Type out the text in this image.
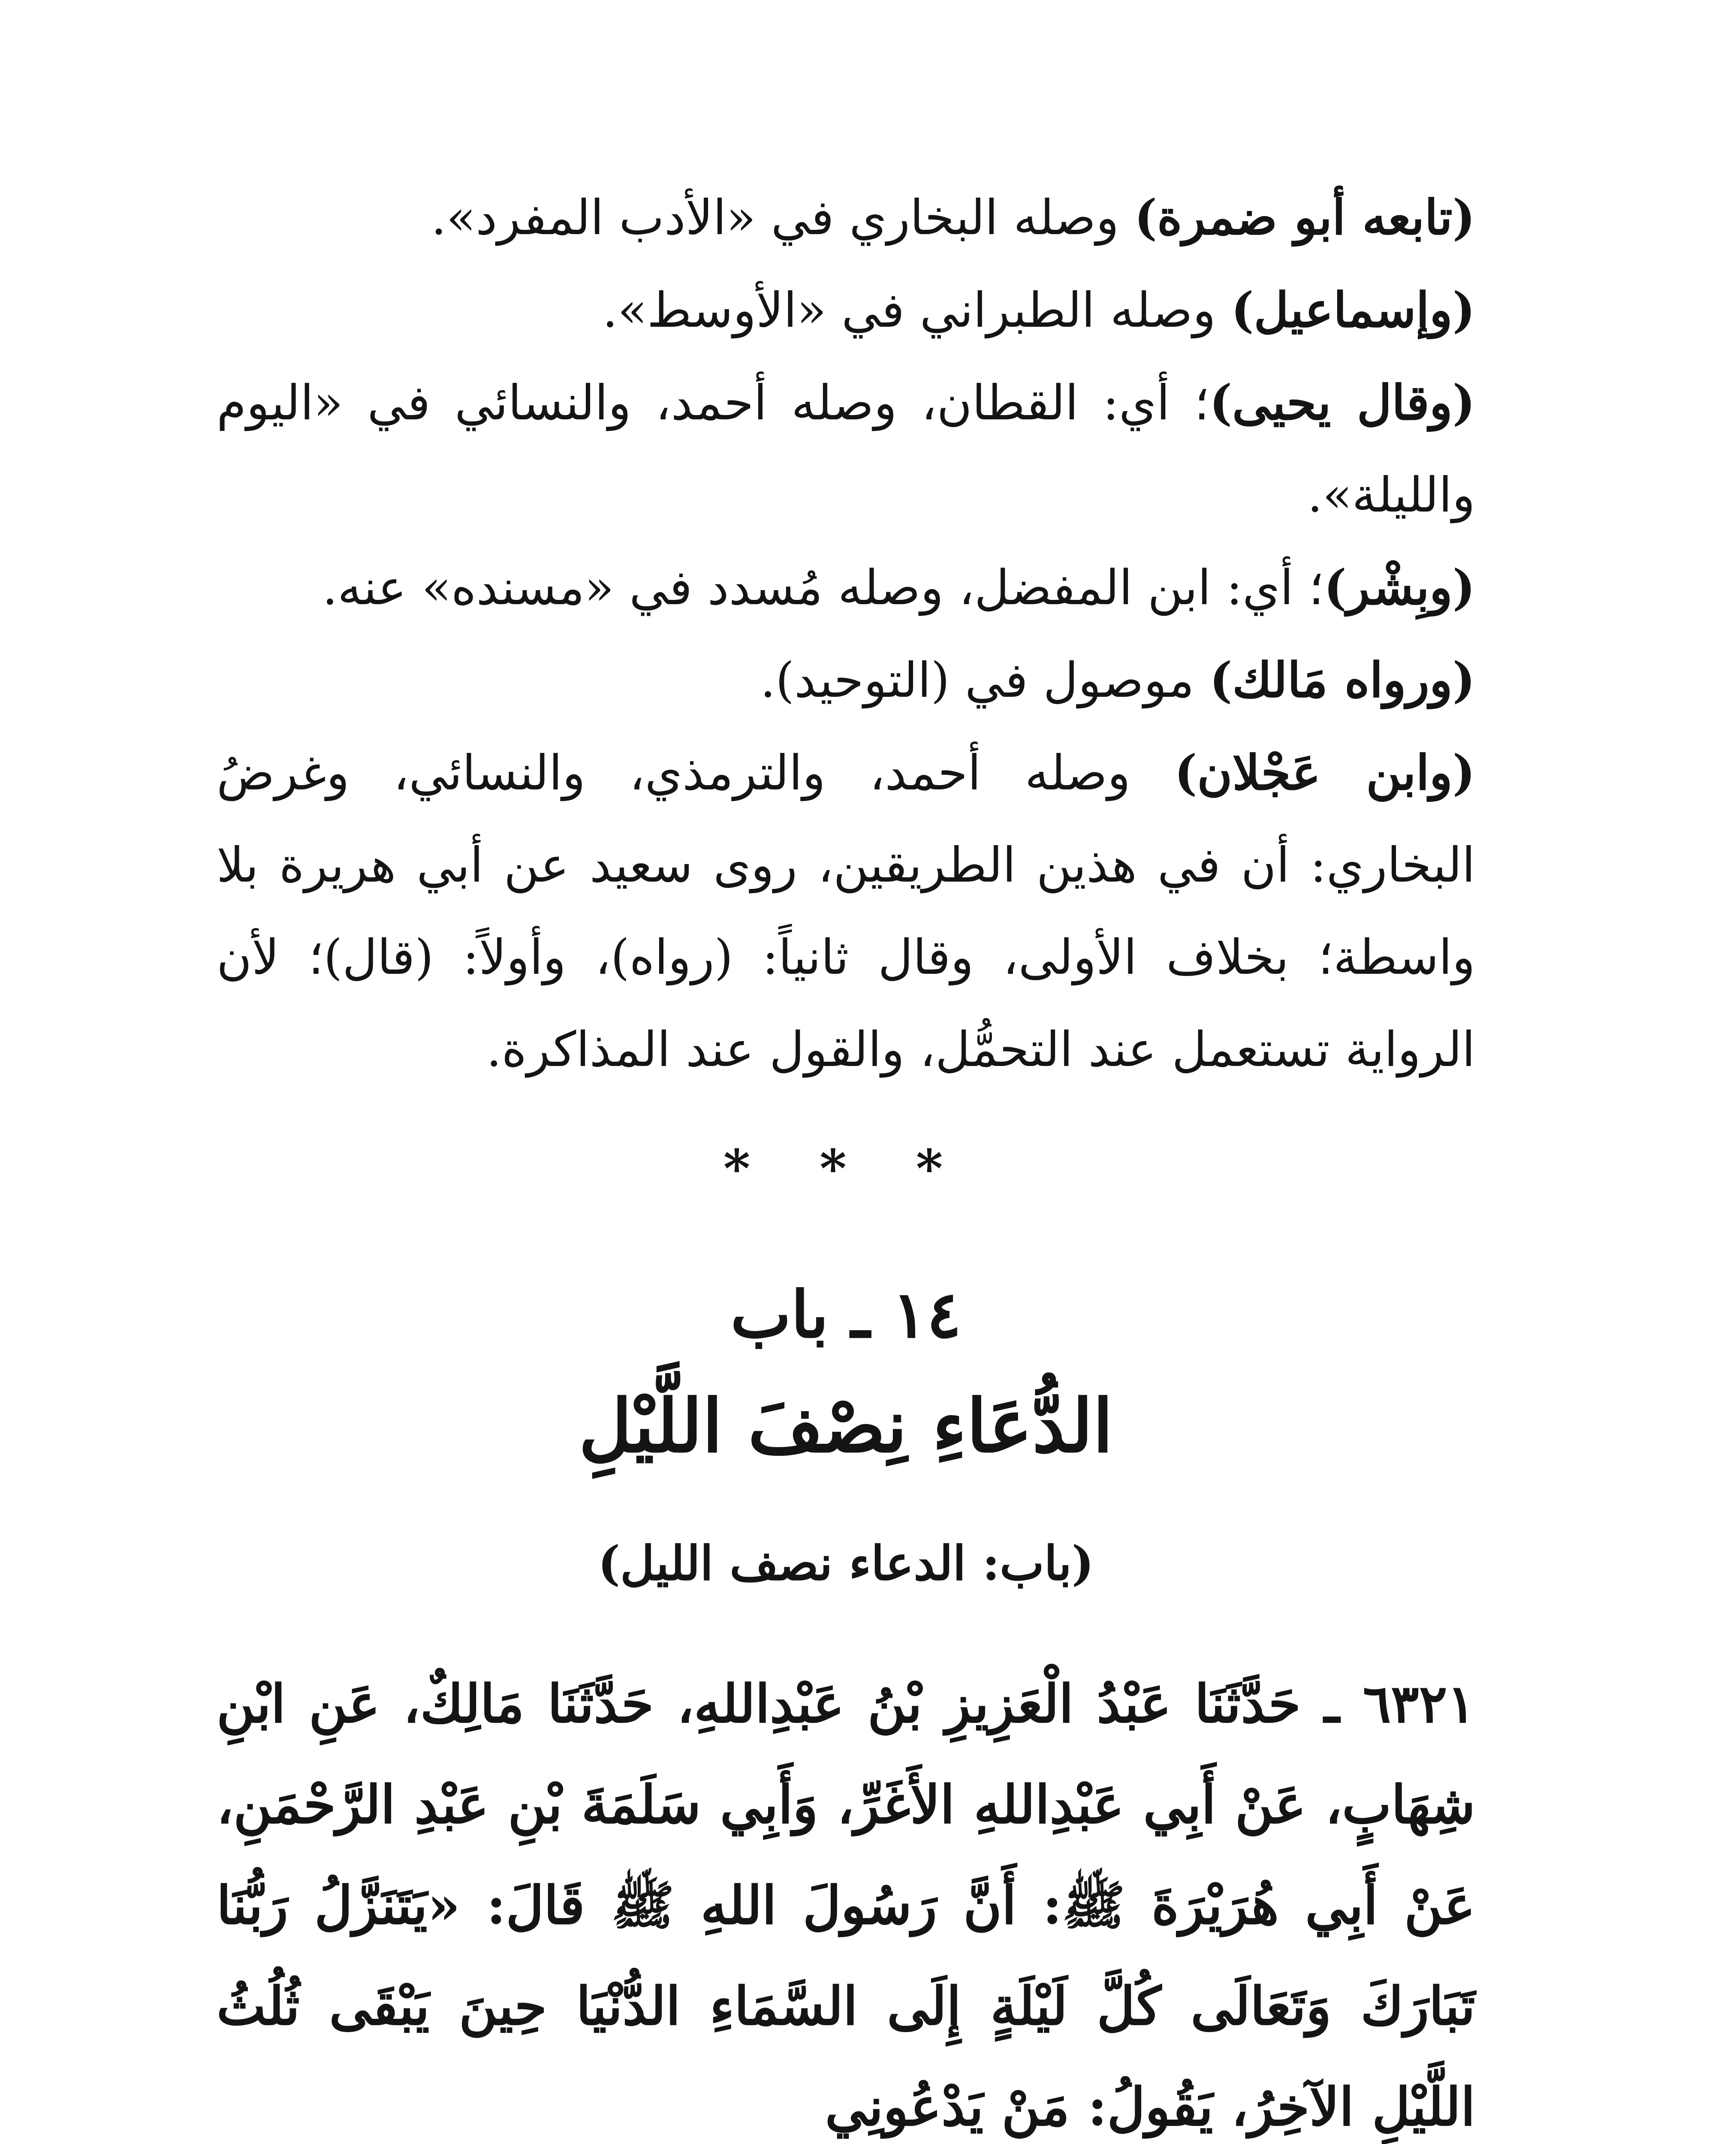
(تابعه أبو ضمرة) وصله البخاري في «الأدب المفرد».

(وإسماعيل) وصله الطبراني في «الأوسط».

(وقال يحيى)؛ أي: القطان، وصله أحمد، والنسائي في «اليوم والليلة».

(وبِشْر)؛ أي: ابن المفضل، وصله مُسدد في «مسنده» عنه.

(ورواه مَالك) موصول في (التوحيد).

(وابن عَجْلان) وصله أحمد، والترمذي، والنسائي، وغرضُ البخاري: أن في هذين الطريقين، روى سعيد عن أبي هريرة بلا واسطة؛ بخلاف الأولى، وقال ثانياً: (رواه)، وأولاً: (قال)؛ لأن الرواية تستعمل عند التحمُّل، والقول عند المذاكرة.

* * *
١٤ ـ باب
الدُّعَاءِ نِصْفَ اللَّيْلِ
(باب: الدعاء نصف الليل)

٦٣٢١ ـ حَدَّثَنَا عَبْدُ الْعَزِيزِ بْنُ عَبْدِاللهِ، حَدَّثَنَا مَالِكٌ، عَنِ ابْنِ شِهَابٍ، عَنْ أَبِي عَبْدِاللهِ الأَغَرِّ، وَأَبِي سَلَمَةَ بْنِ عَبْدِ الرَّحْمَنِ، عَنْ أَبِي هُرَيْرَةَ ﷺ: أَنَّ رَسُولَ اللهِ ﷺ قَالَ: «يَتَنَزَّلُ رَبُّنَا تَبَارَكَ وَتَعَالَى كُلَّ لَيْلَةٍ إِلَى السَّمَاءِ الدُّنْيَا حِينَ يَبْقَى ثُلُثُ اللَّيْلِ الآخِرُ، يَقُولُ: مَنْ يَدْعُونِي
